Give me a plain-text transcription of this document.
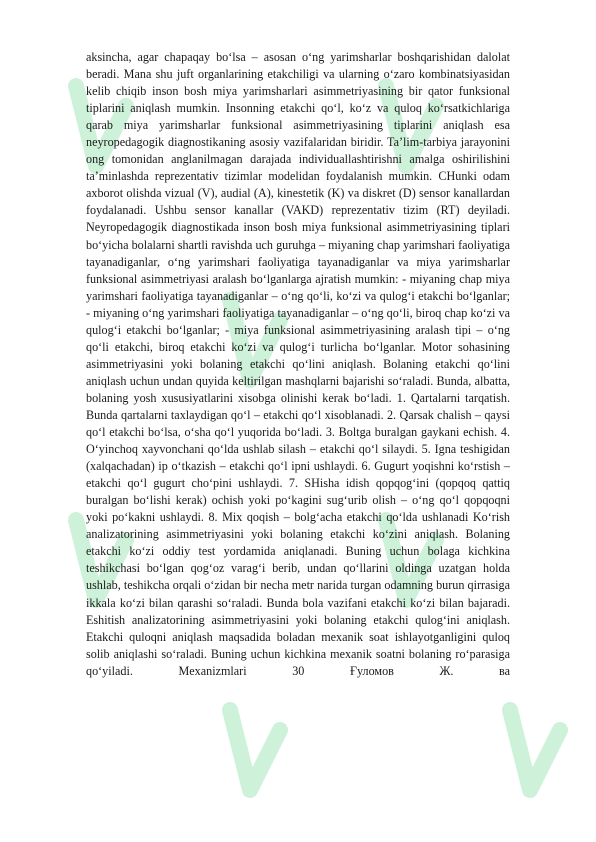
aksincha, agar chapaqay bo‘lsa – asosan o‘ng yarimsharlar boshqarishidan dalolat beradi. Mana shu juft organlarining etakchiligi va ularning o‘zaro kombinatsiyasidan kelib chiqib inson bosh miya yarimsharlari asimmetriyasining bir qator funksional tiplarini aniqlash mumkin. Insonning etakchi qo‘l, ko‘z va quloq ko‘rsatkichlariga qarab miya yarimsharlar funksional asimmetriyasining tiplarini aniqlash esa neyropedagogik diagnostikaning asosiy vazifalaridan biridir. Ta’lim-tarbiya jarayonini ong tomonidan anglanilmagan darajada individuallashtirishni amalga oshirilishini ta’minlashda reprezentativ tizimlar modelidan foydalanish mumkin. CHunki odam axborot olishda vizual (V), audial (A), kinestetik (K) va diskret (D) sensor kanallardan foydalanadi. Ushbu sensor kanallar (VAKD) reprezentativ tizim (RT) deyiladi. Neyropedagogik diagnostikada inson bosh miya funksional asimmetriyasining tiplari bo‘yicha bolalarni shartli ravishda uch guruhga – miyaning chap yarimshari faoliyatiga tayanadiganlar, o‘ng yarimshari faoliyatiga tayanadiganlar va miya yarimsharlar funksional asimmetriyasi aralash bo‘lganlarga ajratish mumkin: - miyaning chap miya yarimshari faoliyatiga tayanadiganlar – o‘ng qo‘li, ko‘zi va qulog‘i etakchi bo‘lganlar; - miyaning o‘ng yarimshari faoliyatiga tayanadiganlar – o‘ng qo‘li, biroq chap ko‘zi va qulog‘i etakchi bo‘lganlar; - miya funksional asimmetriyasining aralash tipi – o‘ng qo‘li etakchi, biroq etakchi ko‘zi va qulog‘i turlicha bo‘lganlar. Motor sohasining asimmetriyasini yoki bolaning etakchi qo‘lini aniqlash. Bolaning etakchi qo‘lini aniqlash uchun undan quyida keltirilgan mashqlarni bajarishi so‘raladi. Bunda, albatta, bolaning yosh xususiyatlarini xisobga olinishi kerak bo‘ladi. 1. Qartalarni tarqatish. Bunda qartalarni taxlaydigan qo‘l – etakchi qo‘l xisoblanadi. 2. Qarsak chalish – qaysi qo‘l etakchi bo‘lsa, o‘sha qo‘l yuqorida bo‘ladi. 3. Boltga buralgan gaykani echish. 4. O‘yinchoq xayvonchani qo‘lda ushlab silash – etakchi qo‘l silaydi. 5. Igna teshigidan (xalqachadan) ip o‘tkazish – etakchi qo‘l ipni ushlaydi. 6. Gugurt yoqishni ko‘rstish – etakchi qo‘l gugurt cho‘pini ushlaydi. 7. SHisha idish qopqog‘ini (qopqoq qattiq buralgan bo‘lishi kerak) ochish yoki po‘kagini sug‘urib olish – o‘ng qo‘l qopqoqni yoki po‘kakni ushlaydi. 8. Mix qoqish – bolg‘acha etakchi qo‘lda ushlanadi Ko‘rish analizatorining asimmetriyasini yoki bolaning etakchi ko‘zini aniqlash. Bolaning etakchi ko‘zi oddiy test yordamida aniqlanadi. Buning uchun bolaga kichkina teshikchasi bo‘lgan qog‘oz varag‘i berib, undan qo‘llarini oldinga uzatgan holda ushlab, teshikcha orqali o‘zidan bir necha metr narida turgan odamning burun qirrasiga ikkala ko‘zi bilan qarashi so‘raladi. Bunda bola vazifani etakchi ko‘zi bilan bajaradi. Eshitish analizatorining asimmetriyasini yoki bolaning etakchi qulog‘ini aniqlash. Etakchi quloqni aniqlash maqsadida boladan mexanik soat ishlayotganligini quloq solib aniqlashi so‘raladi. Buning uchun kichkina mexanik soatni bolaning ro‘parasiga qo‘yiladi. Mexanizmlari 30 Ғуломов Ж. ва
